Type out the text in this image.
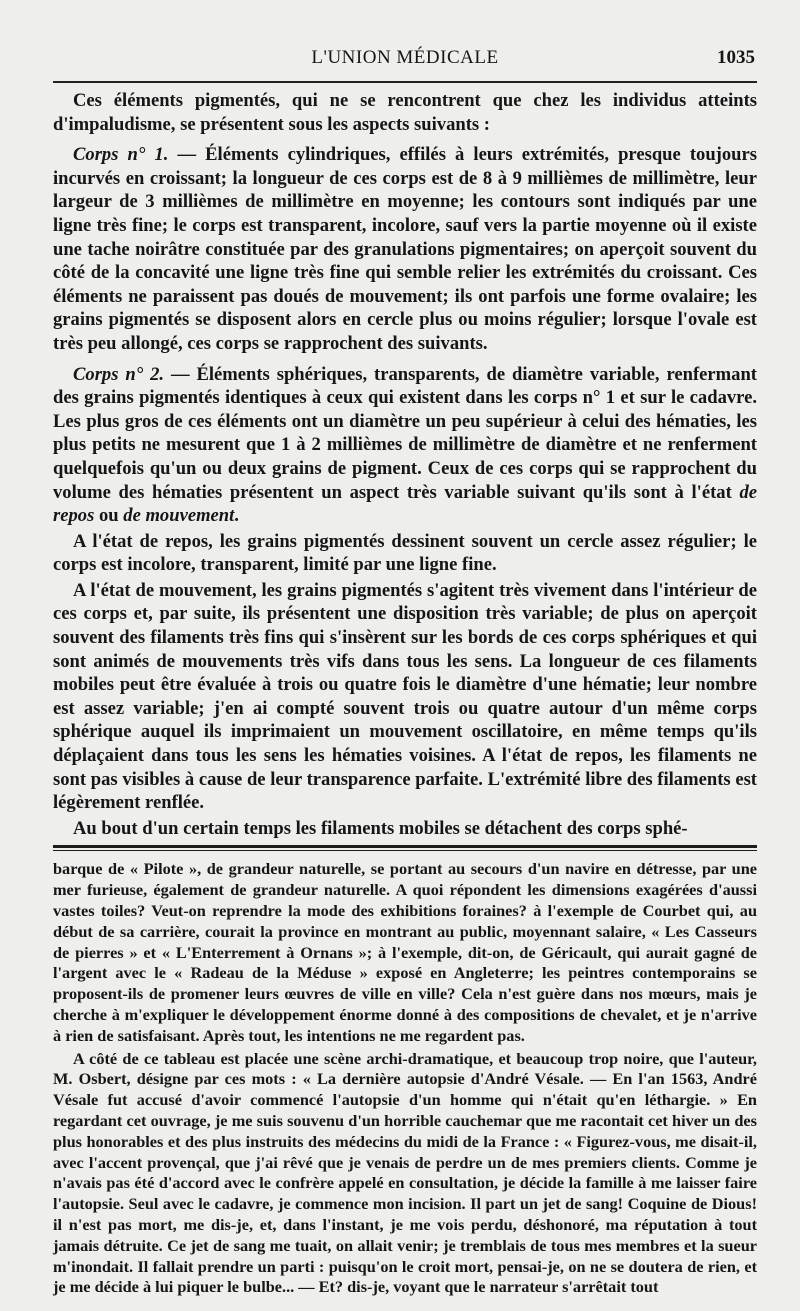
L'UNION MÉDICALE	1035

Ces éléments pigmentés, qui ne se rencontrent que chez les individus atteints d'impaludisme, se présentent sous les aspects suivants :

Corps n° 1. — Éléments cylindriques, effilés à leurs extrémités, presque toujours incurvés en croissant; la longueur de ces corps est de 8 à 9 millièmes de millimètre, leur largeur de 3 millièmes de millimètre en moyenne; les contours sont indiqués par une ligne très fine; le corps est transparent, incolore, sauf vers la partie moyenne où il existe une tache noirâtre constituée par des granulations pigmentaires; on aperçoit souvent du côté de la concavité une ligne très fine qui semble relier les extrémités du croissant. Ces éléments ne paraissent pas doués de mouvement; ils ont parfois une forme ovalaire; les grains pigmentés se disposent alors en cercle plus ou moins régulier; lorsque l'ovale est très peu allongé, ces corps se rapprochent des suivants.

Corps n° 2. — Éléments sphériques, transparents, de diamètre variable, renfermant des grains pigmentés identiques à ceux qui existent dans les corps n° 1 et sur le cadavre. Les plus gros de ces éléments ont un diamètre un peu supérieur à celui des hématies, les plus petits ne mesurent que 1 à 2 millièmes de millimètre de diamètre et ne renferment quelquefois qu'un ou deux grains de pigment. Ceux de ces corps qui se rapprochent du volume des hématies présentent un aspect très variable suivant qu'ils sont à l'état de repos ou de mouvement.

A l'état de repos, les grains pigmentés dessinent souvent un cercle assez régulier; le corps est incolore, transparent, limité par une ligne fine.

A l'état de mouvement, les grains pigmentés s'agitent très vivement dans l'intérieur de ces corps et, par suite, ils présentent une disposition très variable; de plus on aperçoit souvent des filaments très fins qui s'insèrent sur les bords de ces corps sphériques et qui sont animés de mouvements très vifs dans tous les sens. La longueur de ces filaments mobiles peut être évaluée à trois ou quatre fois le diamètre d'une hématie; leur nombre est assez variable; j'en ai compté souvent trois ou quatre autour d'un même corps sphérique auquel ils imprimaient un mouvement oscillatoire, en même temps qu'ils déplaçaient dans tous les sens les hématies voisines. A l'état de repos, les filaments ne sont pas visibles à cause de leur transparence parfaite. L'extrémité libre des filaments est légèrement renflée.

Au bout d'un certain temps les filaments mobiles se détachent des corps sphé-

barque de « Pilote », de grandeur naturelle, se portant au secours d'un navire en détresse, par une mer furieuse, également de grandeur naturelle. A quoi répondent les dimensions exagérées d'aussi vastes toiles? Veut-on reprendre la mode des exhibitions foraines? à l'exemple de Courbet qui, au début de sa carrière, courait la province en montrant au public, moyennant salaire, « Les Casseurs de pierres » et « L'Enterrement à Ornans »; à l'exemple, dit-on, de Géricault, qui aurait gagné de l'argent avec le « Radeau de la Méduse » exposé en Angleterre; les peintres contemporains se proposent-ils de promener leurs œuvres de ville en ville? Cela n'est guère dans nos mœurs, mais je cherche à m'expliquer le développement énorme donné à des compositions de chevalet, et je n'arrive à rien de satisfaisant. Après tout, les intentions ne me regardent pas.

A côté de ce tableau est placée une scène archi-dramatique, et beaucoup trop noire, que l'auteur, M. Osbert, désigne par ces mots : « La dernière autopsie d'André Vésale. — En l'an 1563, André Vésale fut accusé d'avoir commencé l'autopsie d'un homme qui n'était qu'en léthargie. » En regardant cet ouvrage, je me suis souvenu d'un horrible cauchemar que me racontait cet hiver un des plus honorables et des plus instruits des médecins du midi de la France : « Figurez-vous, me disait-il, avec l'accent provençal, que j'ai rêvé que je venais de perdre un de mes premiers clients. Comme je n'avais pas été d'accord avec le confrère appelé en consultation, je décide la famille à me laisser faire l'autopsie. Seul avec le cadavre, je commence mon incision. Il part un jet de sang! Coquine de Dious! il n'est pas mort, me dis-je, et, dans l'instant, je me vois perdu, déshonoré, ma réputation à tout jamais détruite. Ce jet de sang me tuait, on allait venir; je tremblais de tous mes membres et la sueur m'inondait. Il fallait prendre un parti : puisqu'on le croit mort, pensai-je, on ne se doutera de rien, et je me décide à lui piquer le bulbe... — Et? dis-je, voyant que le narrateur s'arrêtait tout
